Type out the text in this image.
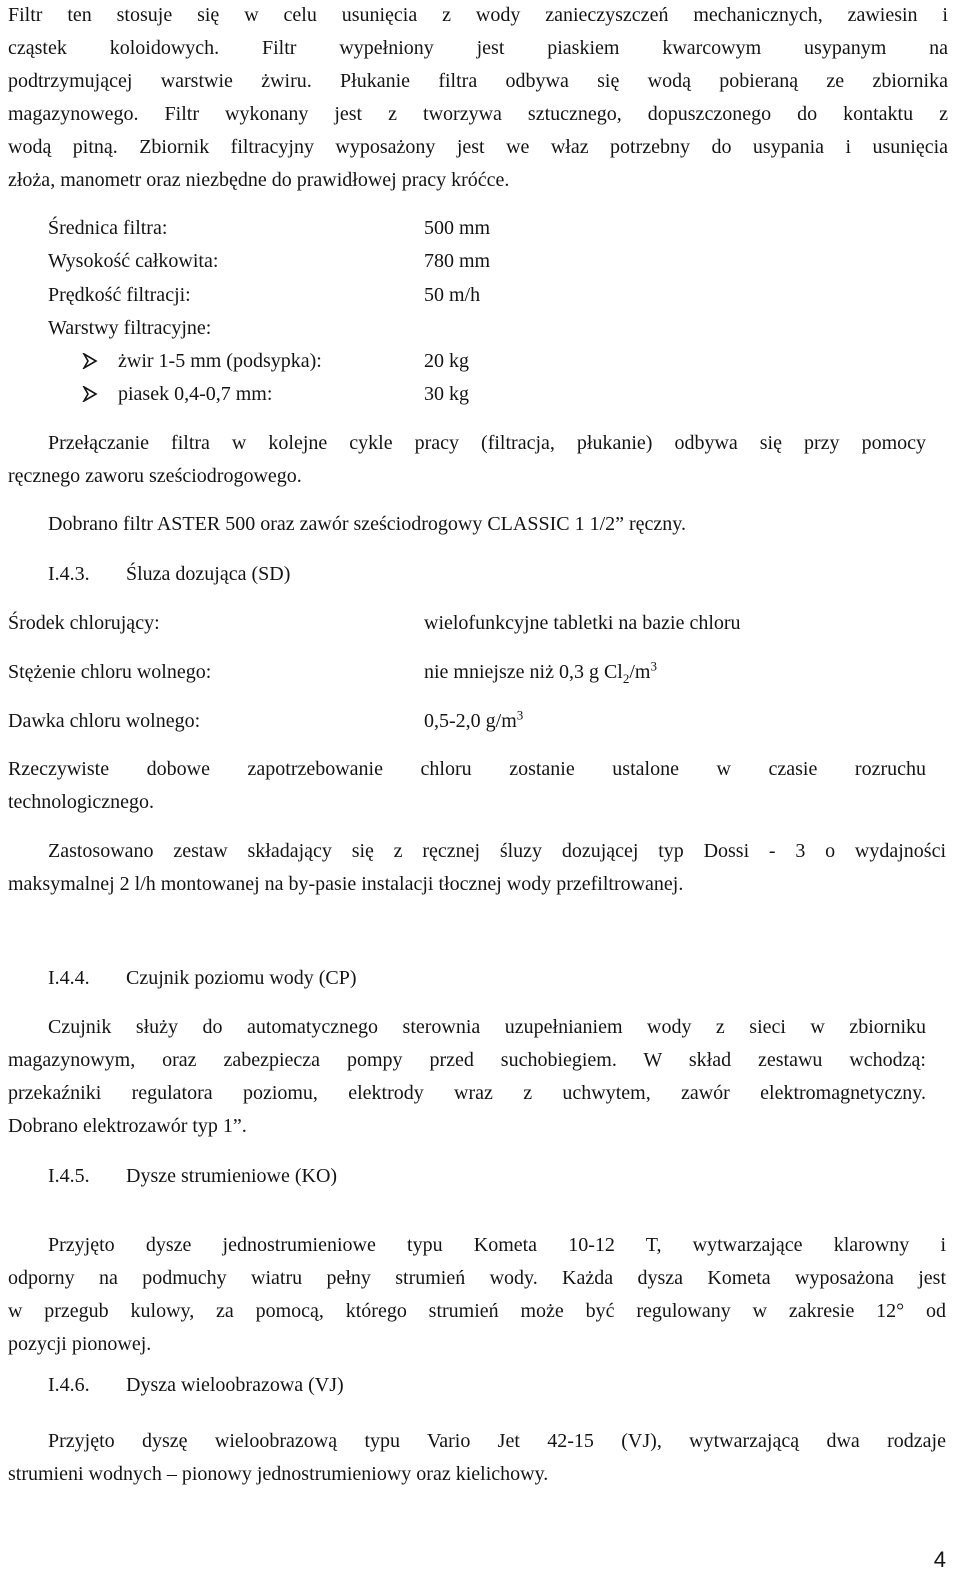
Filtr ten stosuje się w celu usunięcia z wody zanieczyszczeń mechanicznych, zawiesin i
cząstek koloidowych. Filtr wypełniony jest piaskiem kwarcowym usypanym na
podtrzymującej warstwie żwiru. Płukanie filtra odbywa się wodą pobieraną ze zbiornika
magazynowego. Filtr wykonany jest z tworzywa sztucznego, dopuszczonego do kontaktu z
wodą pitną. Zbiornik filtracyjny wyposażony jest we właz potrzebny do usypania i usunięcia
złoża, manometr oraz niezbędne do prawidłowej pracy króćce.
Średnica filtra:	500 mm
Wysokość całkowita:	780 mm
Prędkość filtracji:	50 m/h
Warstwy filtracyjne:
żwir 1-5 mm (podsypka):	20 kg
piasek 0,4-0,7 mm:	30 kg
Przełączanie filtra w kolejne cykle pracy (filtracja, płukanie) odbywa się przy pomocy
ręcznego zaworu sześciodrogowego.
Dobrano filtr ASTER 500 oraz zawór sześciodrogowy CLASSIC 1 1/2” ręczny.
I.4.3. Śluza dozująca (SD)
Środek chlorujący:	wielofunkcyjne tabletki na bazie chloru
Stężenie chloru wolnego:	nie mniejsze niż 0,3 g $Cl_2/m^3$
Dawka chloru wolnego:	0,5-2,0 $g/m^3$
Rzeczywiste dobowe zapotrzebowanie chloru zostanie ustalone w czasie rozruchu
technologicznego.
Zastosowano zestaw składający się z ręcznej śluzy dozującej typ Dossi - 3 o wydajności
maksymalnej 2 l/h montowanej na by-pasie instalacji tłocznej wody przefiltrowanej.
I.4.4. Czujnik poziomu wody (CP)
Czujnik służy do automatycznego sterownia uzupełnianiem wody z sieci w zbiorniku
magazynowym, oraz zabezpiecza pompy przed suchobiegiem. W skład zestawu wchodzą:
przekaźniki regulatora poziomu, elektrody wraz z uchwytem, zawór elektromagnetyczny.
Dobrano elektrozawór typ 1”.
I.4.5. Dysze strumieniowe (KO)
Przyjęto dysze jednostrumieniowe typu Kometa 10-12 T, wytwarzające klarowny i
odporny na podmuchy wiatru pełny strumień wody. Każda dysza Kometa wyposażona jest
w przegub kulowy, za pomocą, którego strumień może być regulowany w zakresie 12° od
pozycji pionowej.
I.4.6. Dysza wieloobrazowa (VJ)
Przyjęto dyszę wieloobrazową typu Vario Jet 42-15 (VJ), wytwarzającą dwa rodzaje
strumieni wodnych – pionowy jednostrumieniowy oraz kielichowy.
4
